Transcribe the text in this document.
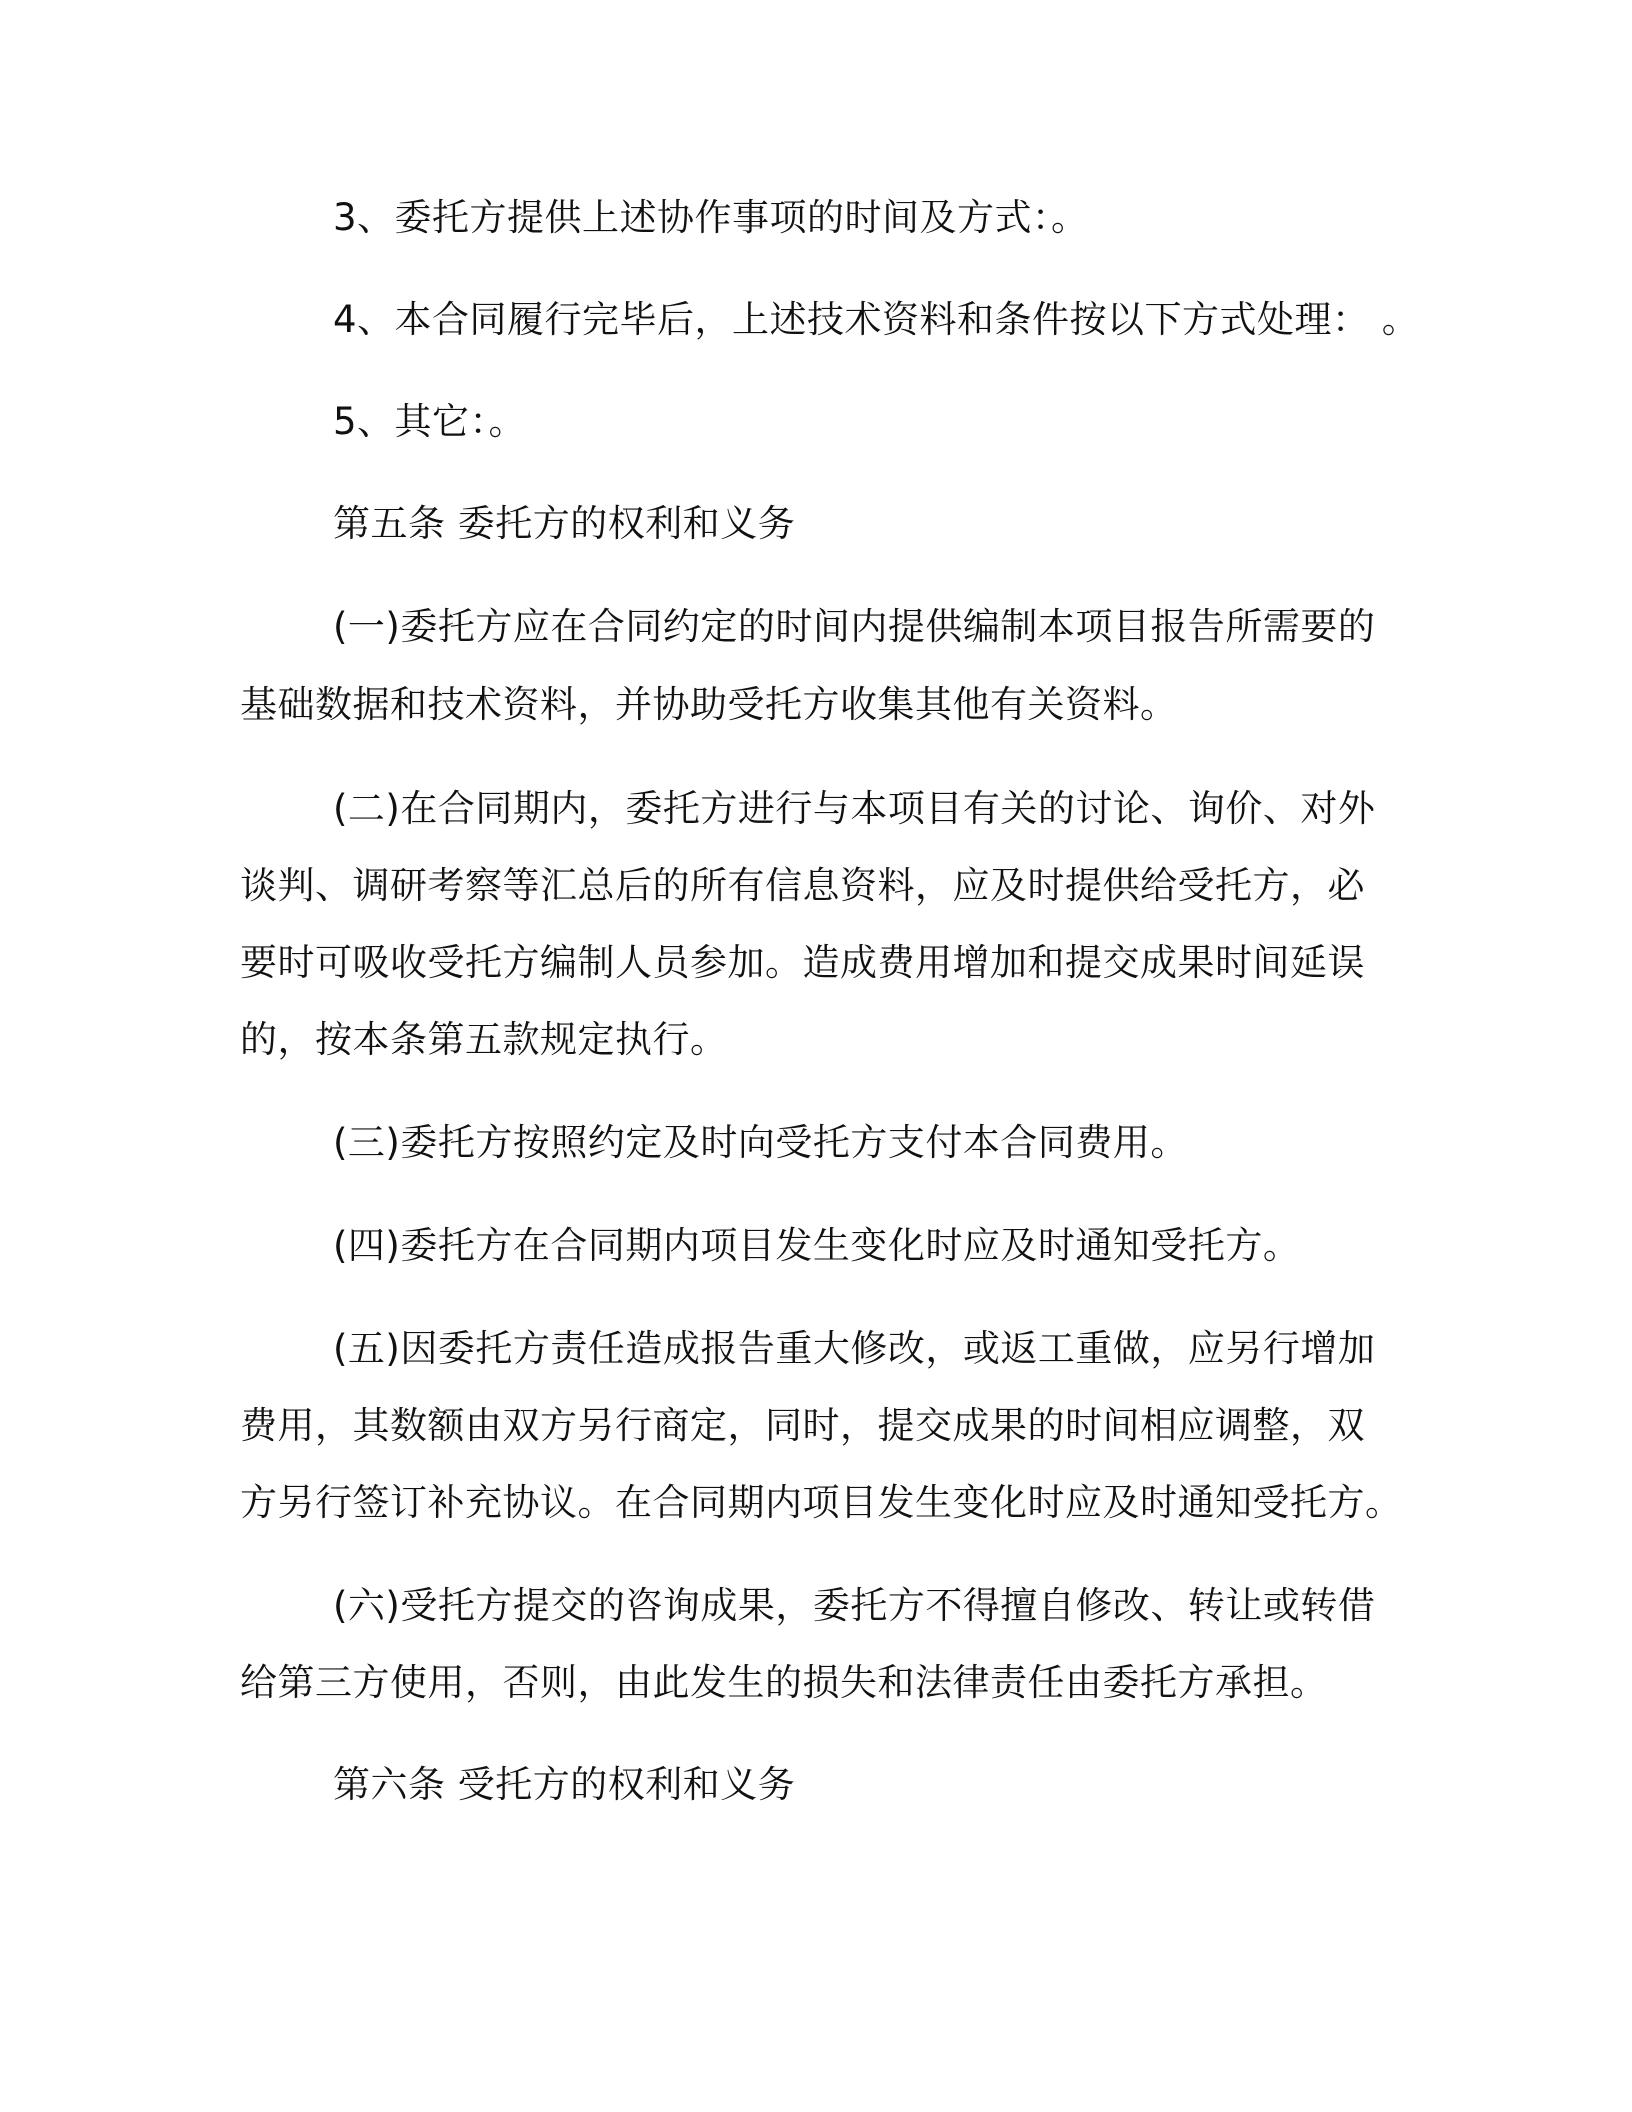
3、委托方提供上述协作事项的时间及方式：。
4、本合同履行完毕后，上述技术资料和条件按以下方式处理： 。
5、其它：。
第五条 委托方的权利和义务
(一)委托方应在合同约定的时间内提供编制本项目报告所需要的
基础数据和技术资料，并协助受托方收集其他有关资料。
(二)在合同期内，委托方进行与本项目有关的讨论、询价、对外
谈判、调研考察等汇总后的所有信息资料，应及时提供给受托方，必
要时可吸收受托方编制人员参加。造成费用增加和提交成果时间延误
的，按本条第五款规定执行。
(三)委托方按照约定及时向受托方支付本合同费用。
(四)委托方在合同期内项目发生变化时应及时通知受托方。
(五)因委托方责任造成报告重大修改，或返工重做，应另行增加
费用，其数额由双方另行商定，同时，提交成果的时间相应调整，双
方另行签订补充协议。在合同期内项目发生变化时应及时通知受托方。
(六)受托方提交的咨询成果，委托方不得擅自修改、转让或转借
给第三方使用，否则，由此发生的损失和法律责任由委托方承担。
第六条 受托方的权利和义务
